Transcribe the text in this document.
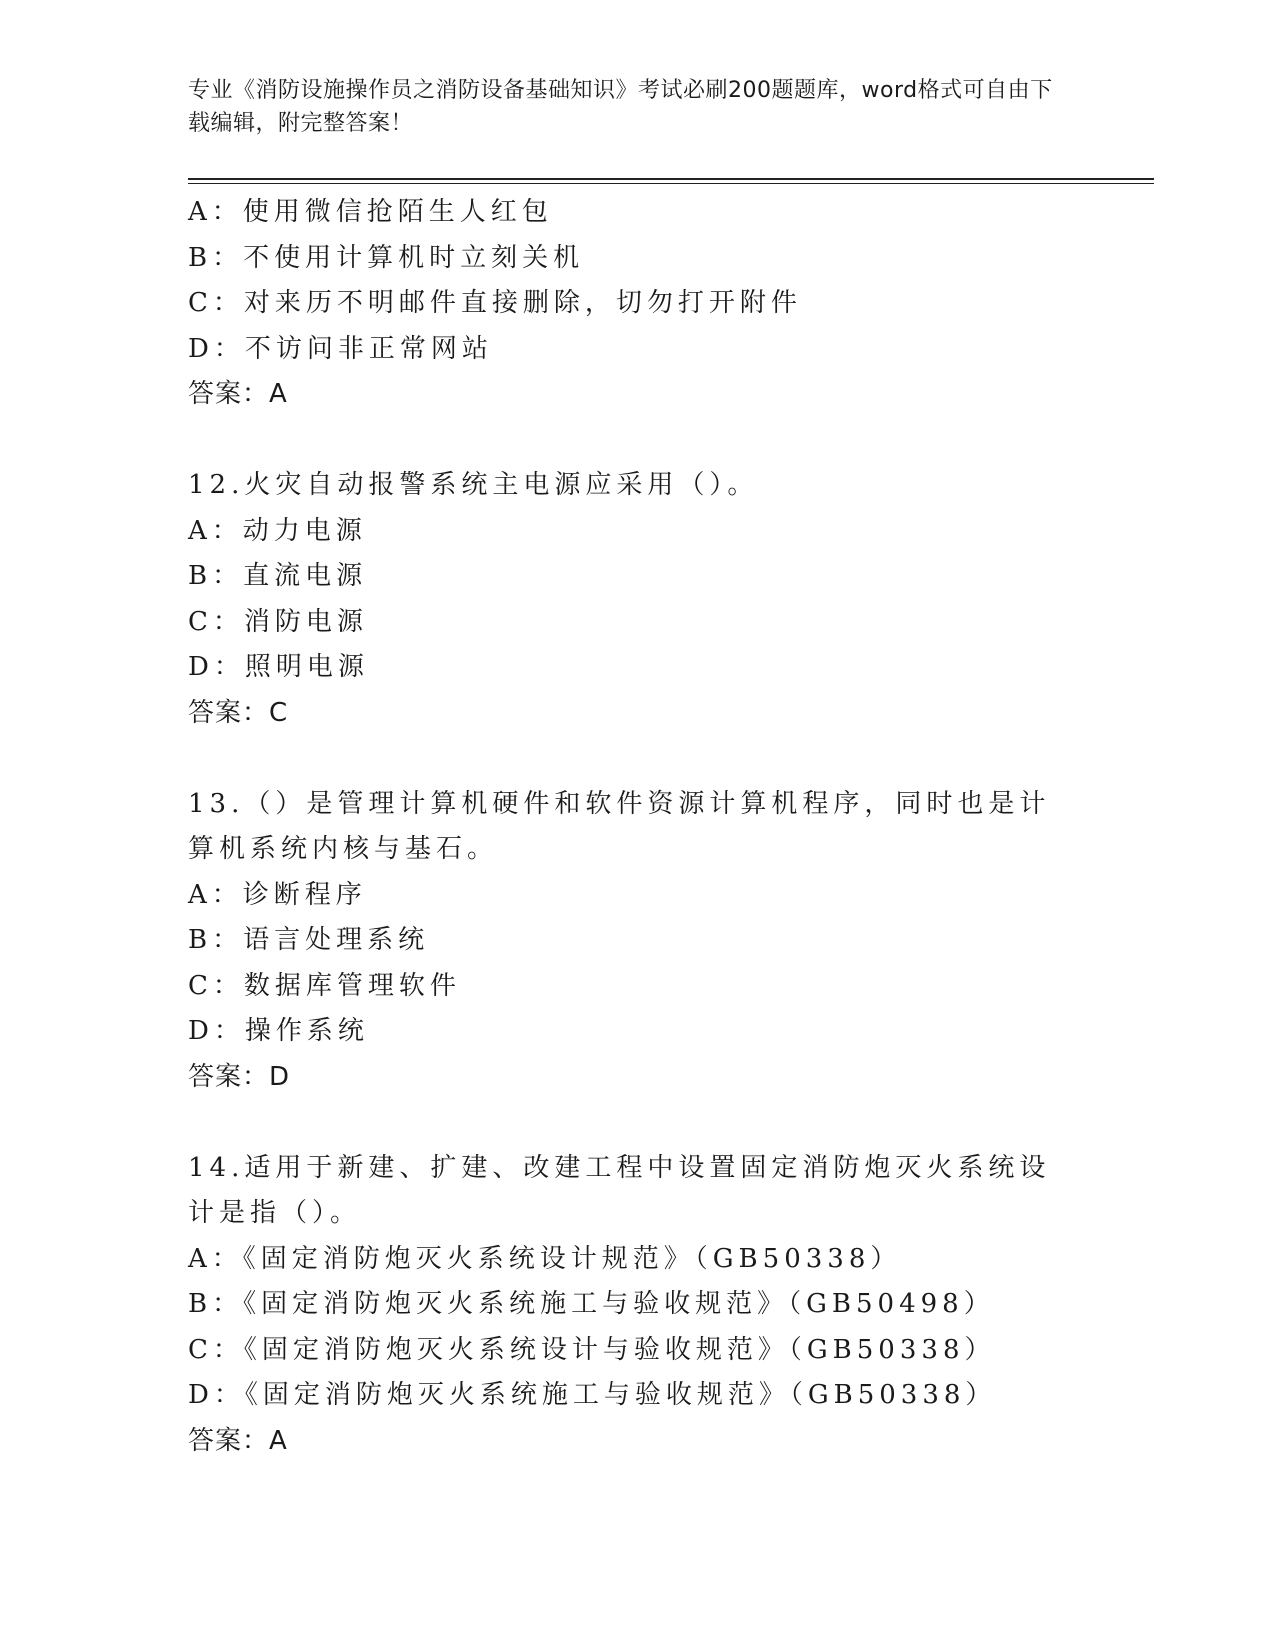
专业《消防设施操作员之消防设备基础知识》考试必刷200题题库，word格式可自由下载编辑，附完整答案！
A：使用微信抢陌生人红包
B：不使用计算机时立刻关机
C：对来历不明邮件直接删除，切勿打开附件
D：不访问非正常网站
答案：A
12.火灾自动报警系统主电源应采用（）。
A：动力电源
B：直流电源
C：消防电源
D：照明电源
答案：C
13.（）是管理计算机硬件和软件资源计算机程序，同时也是计算机系统内核与基石。
A：诊断程序
B：语言处理系统
C：数据库管理软件
D：操作系统
答案：D
14.适用于新建、扩建、改建工程中设置固定消防炮灭火系统设计是指（）。
A：《固定消防炮灭火系统设计规范》（GB50338）
B：《固定消防炮灭火系统施工与验收规范》（GB50498）
C：《固定消防炮灭火系统设计与验收规范》（GB50338）
D：《固定消防炮灭火系统施工与验收规范》（GB50338）
答案：A
